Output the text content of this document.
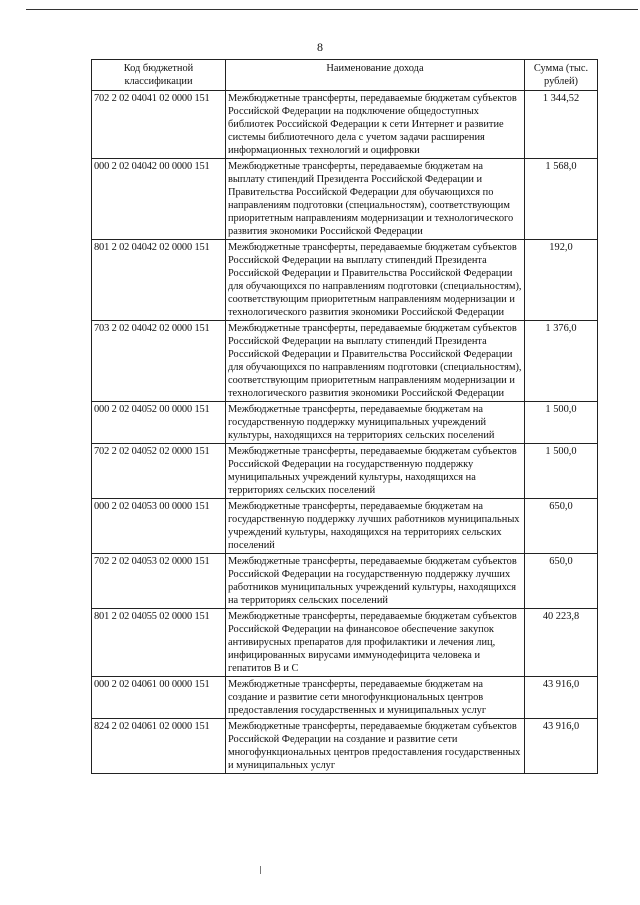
8
Код бюджетной классификации	Наименование дохода	Сумма (тыс. рублей)
702 2 02 04041 02 0000 151	Межбюджетные трансферты, передаваемые бюджетам субъектов Российской Федерации на подключение общедоступных библиотек Российской Федерации к сети Интернет и развитие системы библиотечного дела с учетом задачи расширения информационных технологий и оцифровки	1 344,52
000 2 02 04042 00 0000 151	Межбюджетные трансферты, передаваемые бюджетам на выплату стипендий Президента Российской Федерации и Правительства Российской Федерации для обучающихся по направлениям подготовки (специальностям), соответствующим приоритетным направлениям модернизации и технологического развития экономики Российской Федерации	1 568,0
801 2 02 04042 02 0000 151	Межбюджетные трансферты, передаваемые бюджетам субъектов Российской Федерации на выплату стипендий Президента Российской Федерации и Правительства Российской Федерации для обучающихся по направлениям подготовки (специальностям), соответствующим приоритетным направлениям модернизации и технологического развития экономики Российской Федерации	192,0
703 2 02 04042 02 0000 151	Межбюджетные трансферты, передаваемые бюджетам субъектов Российской Федерации на выплату стипендий Президента Российской Федерации и Правительства Российской Федерации для обучающихся по направлениям подготовки (специальностям), соответствующим приоритетным направлениям модернизации и технологического развития экономики Российской Федерации	1 376,0
000 2 02 04052 00 0000 151	Межбюджетные трансферты, передаваемые бюджетам на государственную поддержку муниципальных учреждений культуры, находящихся на территориях сельских поселений	1 500,0
702 2 02 04052 02 0000 151	Межбюджетные трансферты, передаваемые бюджетам субъектов Российской Федерации на государственную поддержку муниципальных учреждений культуры, находящихся на территориях сельских поселений	1 500,0
000 2 02 04053 00 0000 151	Межбюджетные трансферты, передаваемые бюджетам на государственную поддержку лучших работников муниципальных учреждений культуры, находящихся на территориях сельских поселений	650,0
702 2 02 04053 02 0000 151	Межбюджетные трансферты, передаваемые бюджетам субъектов Российской Федерации на государственную поддержку лучших работников муниципальных учреждений культуры, находящихся на территориях сельских поселений	650,0
801 2 02 04055 02 0000 151	Межбюджетные трансферты, передаваемые бюджетам субъектов Российской Федерации на финансовое обеспечение закупок антивирусных препаратов для профилактики и лечения лиц, инфицированных вирусами иммунодефицита человека и гепатитов B и C	40 223,8
000 2 02 04061 00 0000 151	Межбюджетные трансферты, передаваемые бюджетам на создание и развитие сети многофункциональных центров предоставления государственных и муниципальных услуг	43 916,0
824 2 02 04061 02 0000 151	Межбюджетные трансферты, передаваемые бюджетам субъектов Российской Федерации на создание и развитие сети многофункциональных центров предоставления государственных и муниципальных услуг	43 916,0
